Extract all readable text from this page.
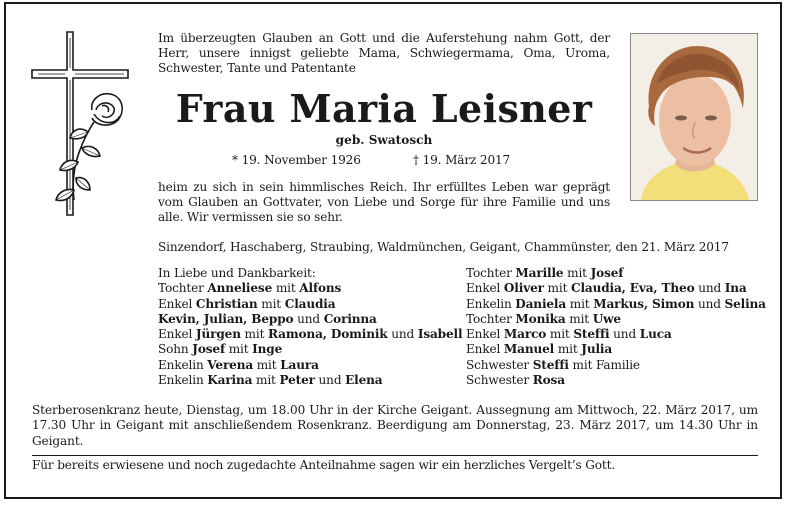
Im überzeugten Glauben an Gott und die Auferstehung nahm Gott, der Herr, unsere innigst geliebte Mama, Schwiegermama, Oma, Uroma, Schwester, Tante und Patentante
Frau Maria Leisner
geb. Swatosch
* 19. November 1926	† 19. März 2017
heim zu sich in sein himmlisches Reich. Ihr erfülltes Leben war geprägt vom Glauben an Gottvater, von Liebe und Sorge für ihre Familie und uns alle. Wir vermissen sie so sehr.
Sinzendorf, Haschaberg, Straubing, Waldmünchen, Geigant, Chammünster, den 21. März 2017
In Liebe und Dankbarkeit:
Tochter Anneliese mit Alfons
Enkel Christian mit Claudia
Kevin, Julian, Beppo und Corinna
Enkel Jürgen mit Ramona, Dominik und Isabell
Sohn Josef mit Inge
Enkelin Verena mit Laura
Enkelin Karina mit Peter und Elena
Tochter Marille mit Josef
Enkel Oliver mit Claudia, Eva, Theo und Ina
Enkelin Daniela mit Markus, Simon und Selina
Tochter Monika mit Uwe
Enkel Marco mit Steffi und Luca
Enkel Manuel mit Julia
Schwester Steffi mit Familie
Schwester Rosa
Sterberosenkranz heute, Dienstag, um 18.00 Uhr in der Kirche Geigant. Aussegnung am Mittwoch, 22. März 2017, um 17.30 Uhr in Geigant mit anschließendem Rosenkranz. Beerdigung am Donnerstag, 23. März 2017, um 14.30 Uhr in Geigant.
Für bereits erwiesene und noch zugedachte Anteilnahme sagen wir ein herzliches Vergelt’s Gott.
